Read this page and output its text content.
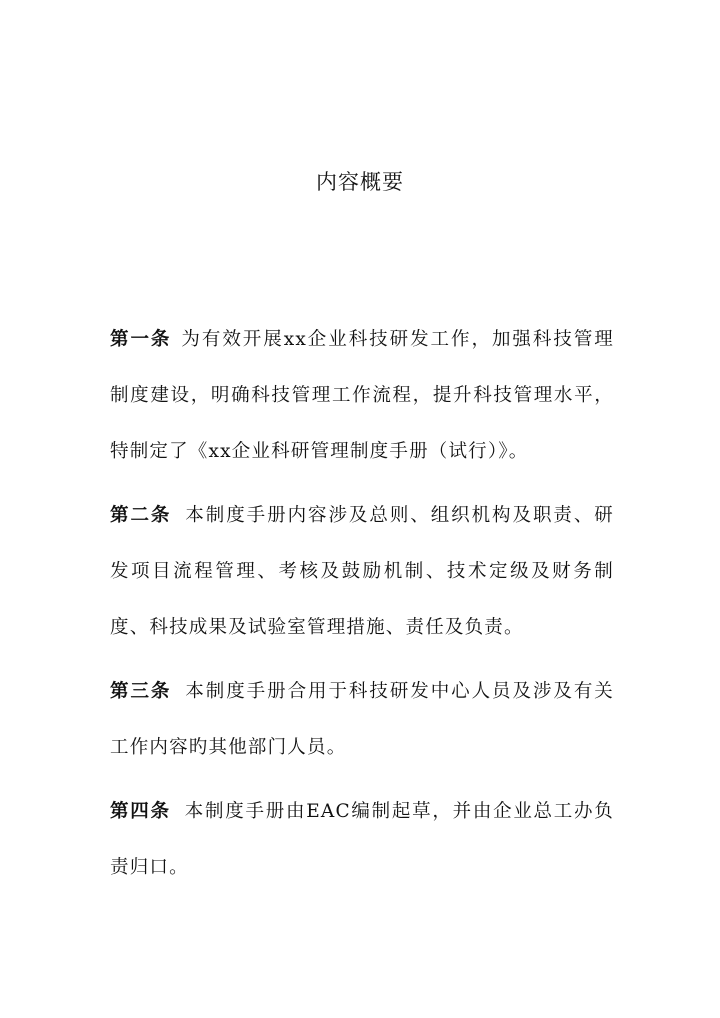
内容概要

第一条 为有效开展xx企业科技研发工作，加强科技管理制度建设，明确科技管理工作流程，提升科技管理水平，特制定了《xx企业科研管理制度手册（试行）》。

第二条 本制度手册内容涉及总则、组织机构及职责、研发项目流程管理、考核及鼓励机制、技术定级及财务制度、科技成果及试验室管理措施、责任及负责。

第三条 本制度手册合用于科技研发中心人员及涉及有关工作内容旳其他部门人员。

第四条 本制度手册由EAC编制起草，并由企业总工办负责归口。
